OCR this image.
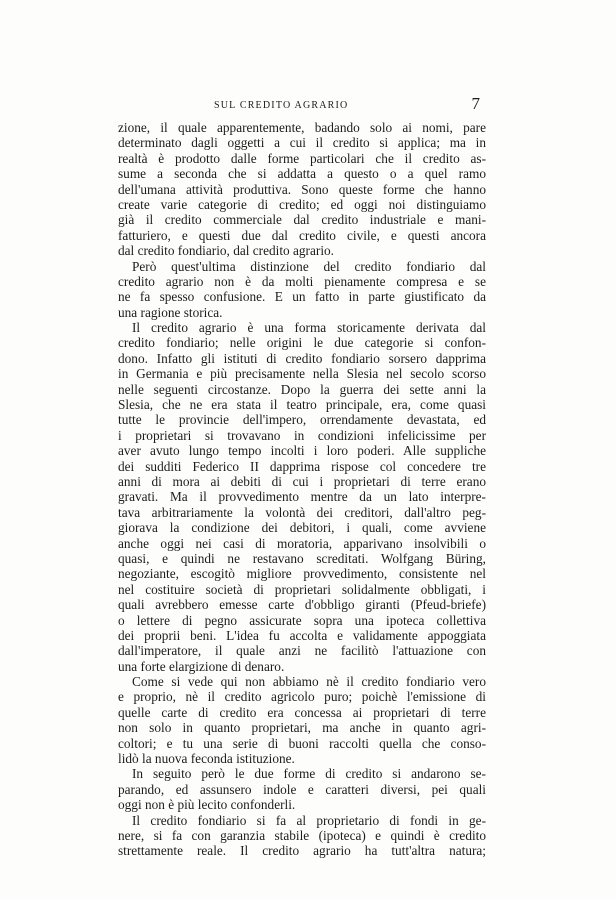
SUL CREDITO AGRARIO	7
zione, il quale apparentemente, badando solo ai nomi, pare
determinato dagli oggetti a cui il credito si applica; ma in
realtà è prodotto dalle forme particolari che il credito as-
sume a seconda che si addatta a questo o a quel ramo
dell'umana attività produttiva. Sono queste forme che hanno
create varie categorie di credito; ed oggi noi distinguiamo
già il credito commerciale dal credito industriale e mani-
fatturiero, e questi due dal credito civile, e questi ancora
dal credito fondiario, dal credito agrario.
Però quest'ultima distinzione del credito fondiario dal
credito agrario non è da molti pienamente compresa e se
ne fa spesso confusione. E un fatto in parte giustificato da
una ragione storica.
Il credito agrario è una forma storicamente derivata dal
credito fondiario; nelle origini le due categorie si confon-
dono. Infatto gli istituti di credito fondiario sorsero dapprima
in Germania e più precisamente nella Slesia nel secolo scorso
nelle seguenti circostanze. Dopo la guerra dei sette anni la
Slesia, che ne era stata il teatro principale, era, come quasi
tutte le provincie dell'impero, orrendamente devastata, ed
i proprietari si trovavano in condizioni infelicissime per
aver avuto lungo tempo incolti i loro poderi. Alle suppliche
dei sudditi Federico II dapprima rispose col concedere tre
anni di mora ai debiti di cui i proprietari di terre erano
gravati. Ma il provvedimento mentre da un lato interpre-
tava arbitrariamente la volontà dei creditori, dall'altro peg-
giorava la condizione dei debitori, i quali, come avviene
anche oggi nei casi di moratoria, apparivano insolvibili o
quasi, e quindi ne restavano screditati. Wolfgang Büring,
negoziante, escogitò migliore provvedimento, consistente nel
nel costituire società di proprietari solidalmente obbligati, i
quali avrebbero emesse carte d'obbligo giranti (Pfeud-briefe)
o lettere di pegno assicurate sopra una ipoteca collettiva
dei proprii beni. L'idea fu accolta e validamente appoggiata
dall'imperatore, il quale anzi ne facilitò l'attuazione con
una forte elargizione di denaro.
Come si vede qui non abbiamo nè il credito fondiario vero
e proprio, nè il credito agricolo puro; poichè l'emissione di
quelle carte di credito era concessa ai proprietari di terre
non solo in quanto proprietari, ma anche in quanto agri-
coltori; e tu una serie di buoni raccolti quella che conso-
lidò la nuova feconda istituzione.
In seguito però le due forme di credito si andarono se-
parando, ed assunsero indole e caratteri diversi, pei quali
oggi non è più lecito confonderli.
Il credito fondiario si fa al proprietario di fondi in ge-
nere, si fa con garanzia stabile (ipoteca) e quindi è credito
strettamente reale. Il credito agrario ha tutt'altra natura;
